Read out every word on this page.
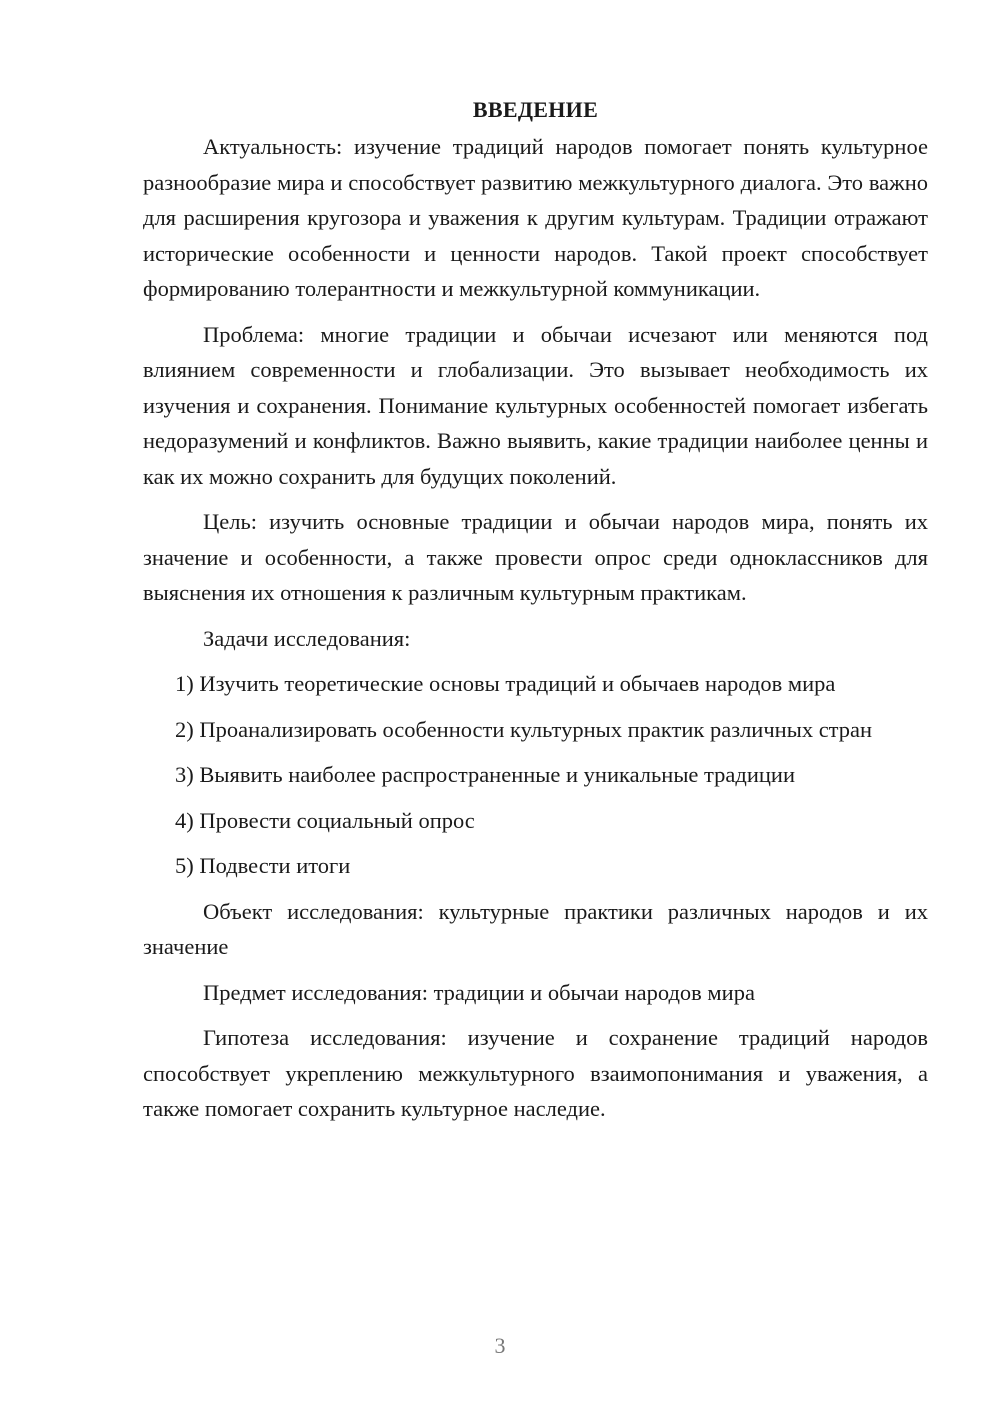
ВВЕДЕНИЕ

Актуальность: изучение традиций народов помогает понять культурное разнообразие мира и способствует развитию межкультурного диалога. Это важно для расширения кругозора и уважения к другим культурам. Традиции отражают исторические особенности и ценности народов. Такой проект способствует формированию толерантности и межкультурной коммуникации.

Проблема: многие традиции и обычаи исчезают или меняются под влиянием современности и глобализации. Это вызывает необходимость их изучения и сохранения. Понимание культурных особенностей помогает избегать недоразумений и конфликтов. Важно выявить, какие традиции наиболее ценны и как их можно сохранить для будущих поколений.

Цель: изучить основные традиции и обычаи народов мира, понять их значение и особенности, а также провести опрос среди одноклассников для выяснения их отношения к различным культурным практикам.

Задачи исследования:

1) Изучить теоретические основы традиций и обычаев народов мира

2) Проанализировать особенности культурных практик различных стран

3) Выявить наиболее распространенные и уникальные традиции

4) Провести социальный опрос

5) Подвести итоги

Объект исследования: культурные практики различных народов и их значение

Предмет исследования: традиции и обычаи народов мира

Гипотеза исследования: изучение и сохранение традиций народов способствует укреплению межкультурного взаимопонимания и уважения, а также помогает сохранить культурное наследие.

3
